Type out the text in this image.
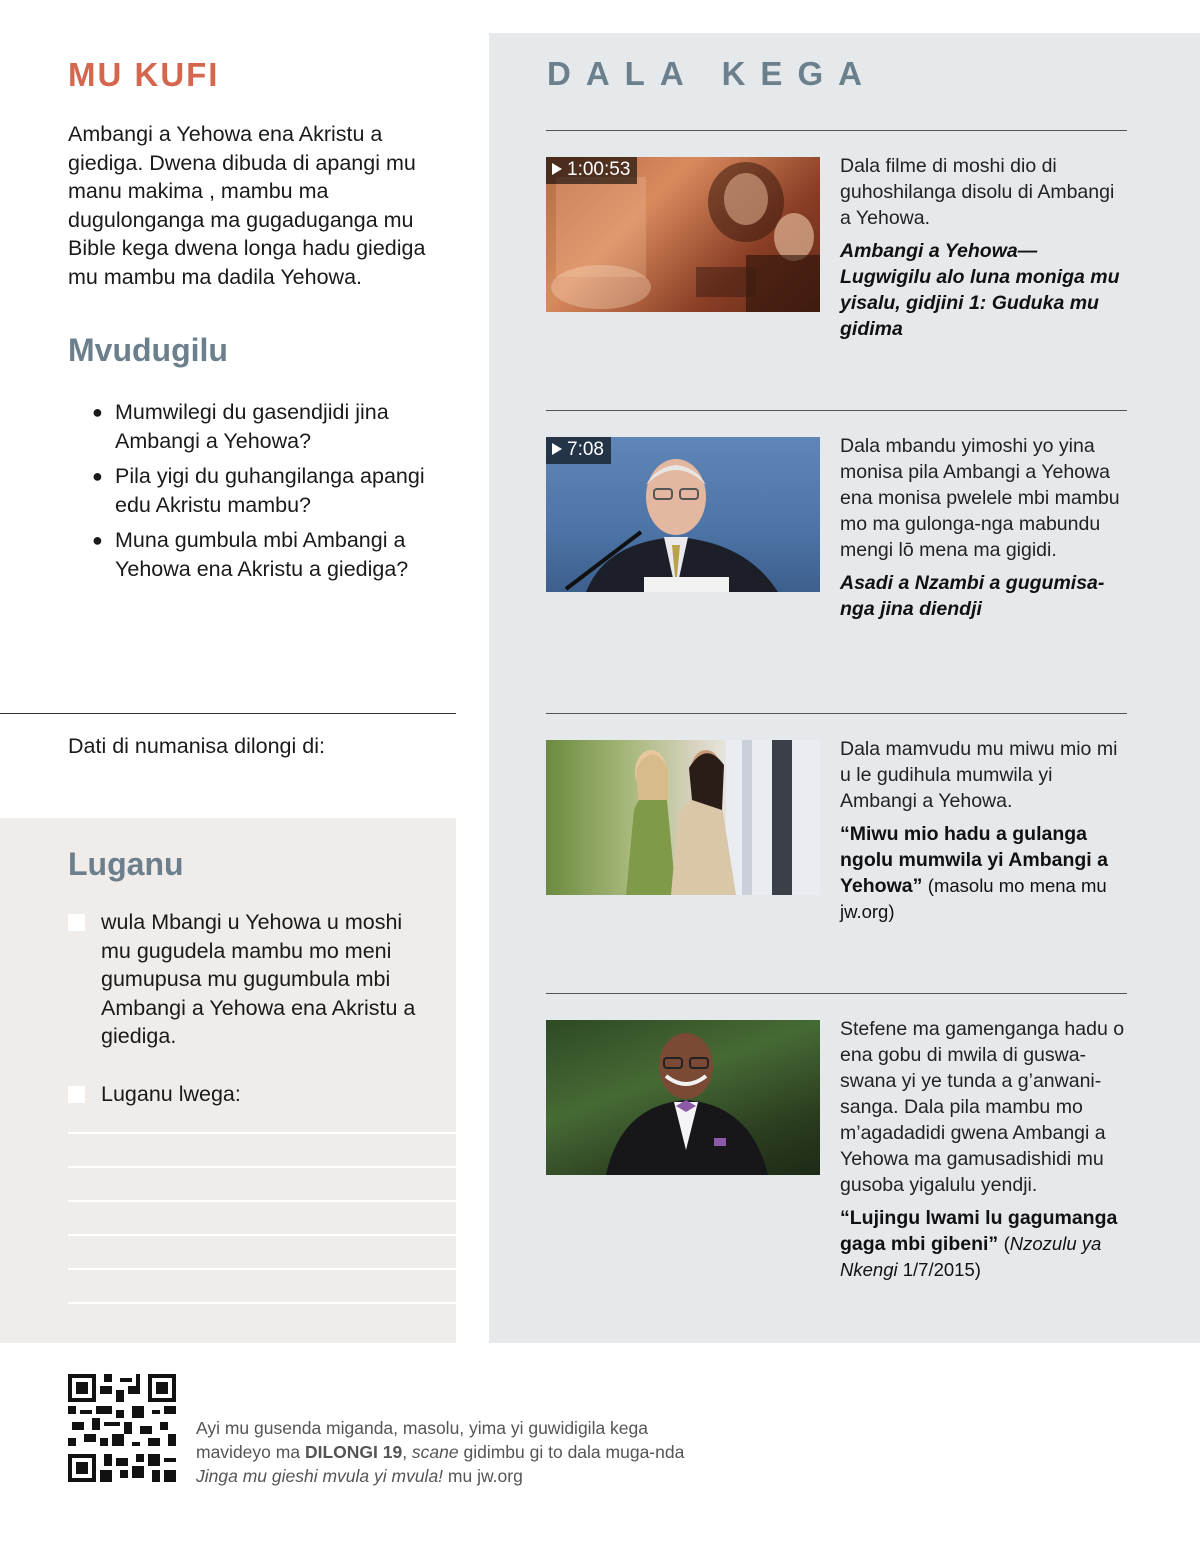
MU KUFI

Ambangi a Yehowa ena Akristu a giediga. Dwena dibuda di apangi mu manu makima , mambu ma dugulonganga ma gugaduganga mu Bible kega dwena longa hadu giediga mu mambu ma dadila Yehowa.

Mvudugilu
● Mumwilegi du gasendjidi jina Ambangi a Yehowa?
● Pila yigi du guhangilanga apangi edu Akristu mambu?
● Muna gumbula mbi Ambangi a Yehowa ena Akristu a giediga?
Dati di numanisa dilongi di:
Luganu
wula Mbangi u Yehowa u moshi mu gugudela mambu mo meni gumupusa mu gugumbula mbi Ambangi a Yehowa ena Akristu a giediga.
Luganu lwega:
DALA KEGA
1:00:53	Dala filme di moshi dio di guhoshilanga disolu di Ambangi a Yehowa.
Ambangi a Yehowa—Lugwigilu alo luna moniga mu yisalu, gidjini 1: Guduka mu gidima
7:08	Dala mbandu yimoshi yo yina monisa pila Ambangi a Yehowa ena monisa pwelele mbi mambu mo ma gulonga-nga mabundu mengi lō mena ma gigidi.
Asadi a Nzambi a gugumisa-nga jina diendji
Dala mamvudu mu miwu mio mi u le gudihula mumwila yi Ambangi a Yehowa.
“Miwu mio hadu a gulanga ngolu mumwila yi Ambangi a Yehowa” (masolu mo mena mu jw.org)
Stefene ma gamenganga hadu o ena gobu di mwila di guswa-swana yi ye tunda a g’anwani-sanga. Dala pila mambu mo m’agadadidi gwena Ambangi a Yehowa ma gamusadishidi mu gusoba yigalulu yendji.
“Lujingu lwami lu gagumanga gaga mbi gibeni” (Nzozulu ya Nkengi 1/7/2015)

Ayi mu gusenda miganda, masolu, yima yi guwidigila kega mavideyo ma DILONGI 19, scane gidimbu gi to dala muga-nda Jinga mu gieshi mvula yi mvula! mu jw.org
